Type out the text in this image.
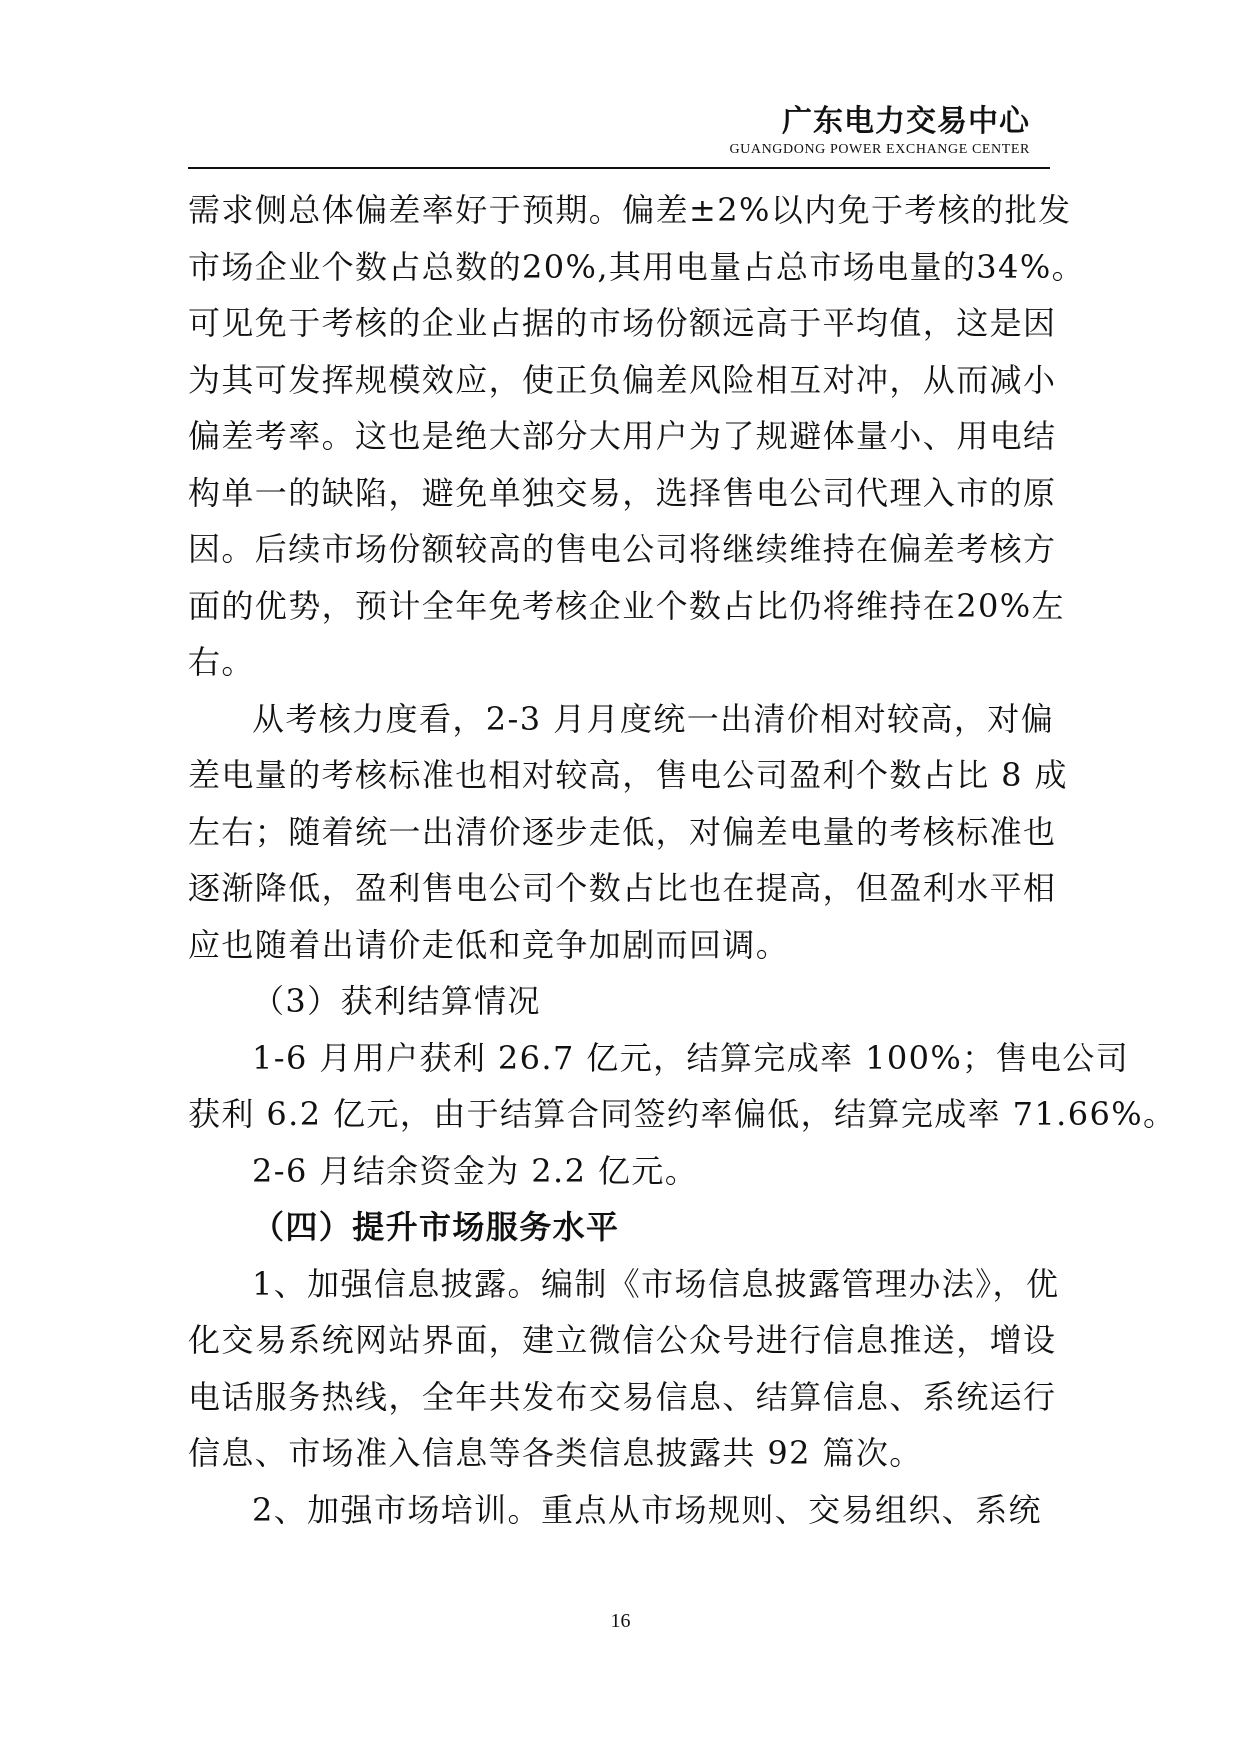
广东电力交易中心
GUANGDONG POWER EXCHANGE CENTER
需求侧总体偏差率好于预期。偏差±2%以内免于考核的批发
市场企业个数占总数的20%,其用电量占总市场电量的34%。
可见免于考核的企业占据的市场份额远高于平均值，这是因
为其可发挥规模效应，使正负偏差风险相互对冲，从而减小
偏差考率。这也是绝大部分大用户为了规避体量小、用电结
构单一的缺陷，避免单独交易，选择售电公司代理入市的原
因。后续市场份额较高的售电公司将继续维持在偏差考核方
面的优势，预计全年免考核企业个数占比仍将维持在20%左
右。
从考核力度看，2-3 月月度统一出清价相对较高，对偏
差电量的考核标准也相对较高，售电公司盈利个数占比 8 成
左右；随着统一出清价逐步走低，对偏差电量的考核标准也
逐渐降低，盈利售电公司个数占比也在提高，但盈利水平相
应也随着出请价走低和竞争加剧而回调。
（3）获利结算情况
1-6 月用户获利 26.7 亿元，结算完成率 100%；售电公司
获利 6.2 亿元，由于结算合同签约率偏低，结算完成率 71.66%。
2-6 月结余资金为 2.2 亿元。
（四）提升市场服务水平
1、加强信息披露。编制《市场信息披露管理办法》，优
化交易系统网站界面，建立微信公众号进行信息推送，增设
电话服务热线，全年共发布交易信息、结算信息、系统运行
信息、市场准入信息等各类信息披露共 92 篇次。
2、加强市场培训。重点从市场规则、交易组织、系统
16
